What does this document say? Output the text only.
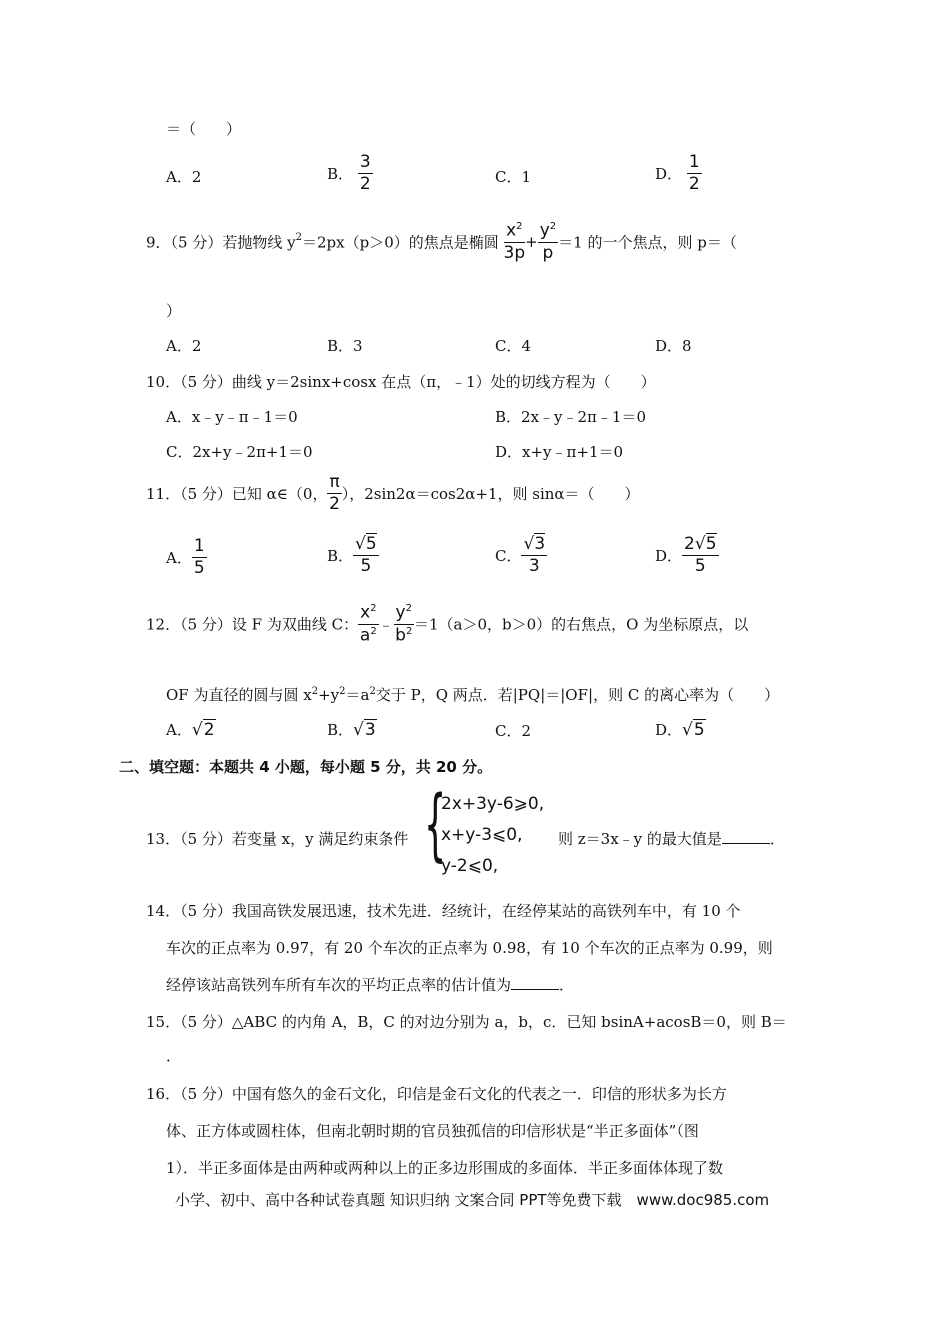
＝（　　）
A．2	B． $\frac{3}{2}$	C．1	D． $\frac{1}{2}$
9．（5 分）若抛物线 $y^2=2px(p>0)$的焦点是椭圆 $\frac{x^2}{3p} + \frac{y^2}{p} =1$ 的一个焦点，则 p＝（
）
A．2	B．3	C．4	D．8
10．（5 分）曲线 y＝2sinx+cosx 在点（π，﹣1）处的切线方程为（　　）
A．x﹣y﹣π﹣1＝0	B．2x﹣y﹣2π﹣1＝0
C．2x+y﹣2π+1＝0	D．x+y﹣π+1＝0
11．（5 分）已知 α∈（0， $\frac{\pi}{2}$ ），2sin2α＝cos2α+1，则 sinα＝（　　）
A． $\frac{1}{5}$	B． $\frac{√5}{5}$	C． $\frac{√3}{3}$	D． $\frac{2√5}{5}$
12．（5 分）设 F 为双曲线 C： $\frac{x^2}{a^2}$ ﹣ $\frac{y^2}{b^2} =1(a>0$，b＞0）的右焦点，O 为坐标原点，以
OF 为直径的圆与圆 $x^2+y^2=a^2$交于 P，Q 两点．若|PQ|＝|OF|，则 C 的离心率为（　　）
A．√2	B．√3	C．2	D．√5
二、填空题：本题共 4 小题，每小题 5 分，共 20 分。
13．（5 分）若变量 x，y 满足约束条件 {
2x+3y-6⩾0,
x+y-3⩽0,
y-2⩽0,
则 z＝3x﹣y 的最大值是	．
14．（5 分）我国高铁发展迅速，技术先进．经统计，在经停某站的高铁列车中，有 10 个
车次的正点率为 0.97，有 20 个车次的正点率为 0.98，有 10 个车次的正点率为 0.99，则
经停该站高铁列车所有车次的平均正点率的估计值为	．
15．（5 分）△ABC 的内角 A，B，C 的对边分别为 a，b，c．已知 bsinA+acosB＝0，则 B＝
．
16．（5 分）中国有悠久的金石文化，印信是金石文化的代表之一．印信的形状多为长方
体、正方体或圆柱体，但南北朝时期的官员独孤信的印信形状是“半正多面体”（图
1）．半正多面体是由两种或两种以上的正多边形围成的多面体．半正多面体体现了数
小学、初中、高中各种试卷真题 知识归纳 文案合同 PPT等免费下载　www.doc985.com
